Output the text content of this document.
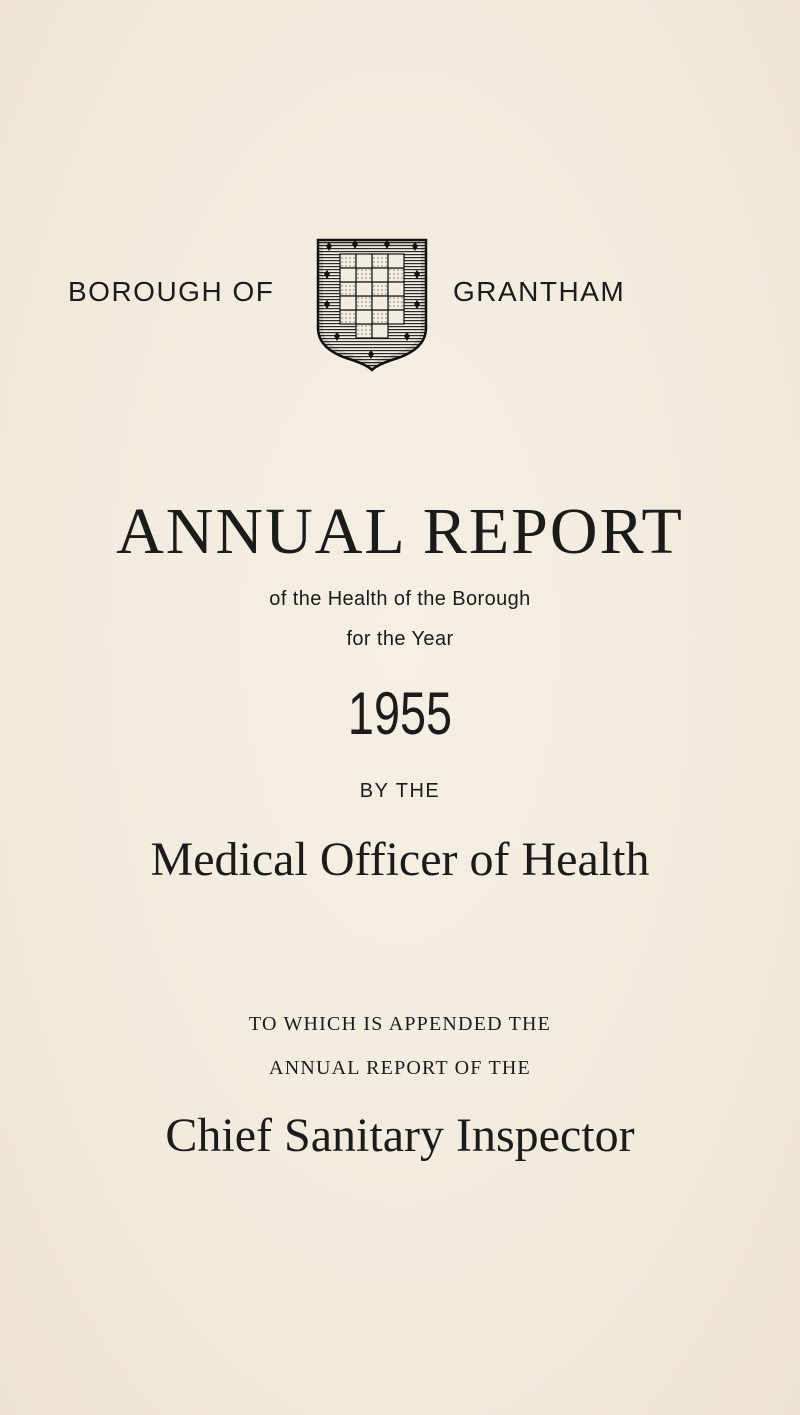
BOROUGH OF	GRANTHAM
ANNUAL REPORT
of the Health of the Borough
for the Year
1955
BY THE
Medical Officer of Health
TO WHICH IS APPENDED THE
ANNUAL REPORT OF THE
Chief Sanitary Inspector
